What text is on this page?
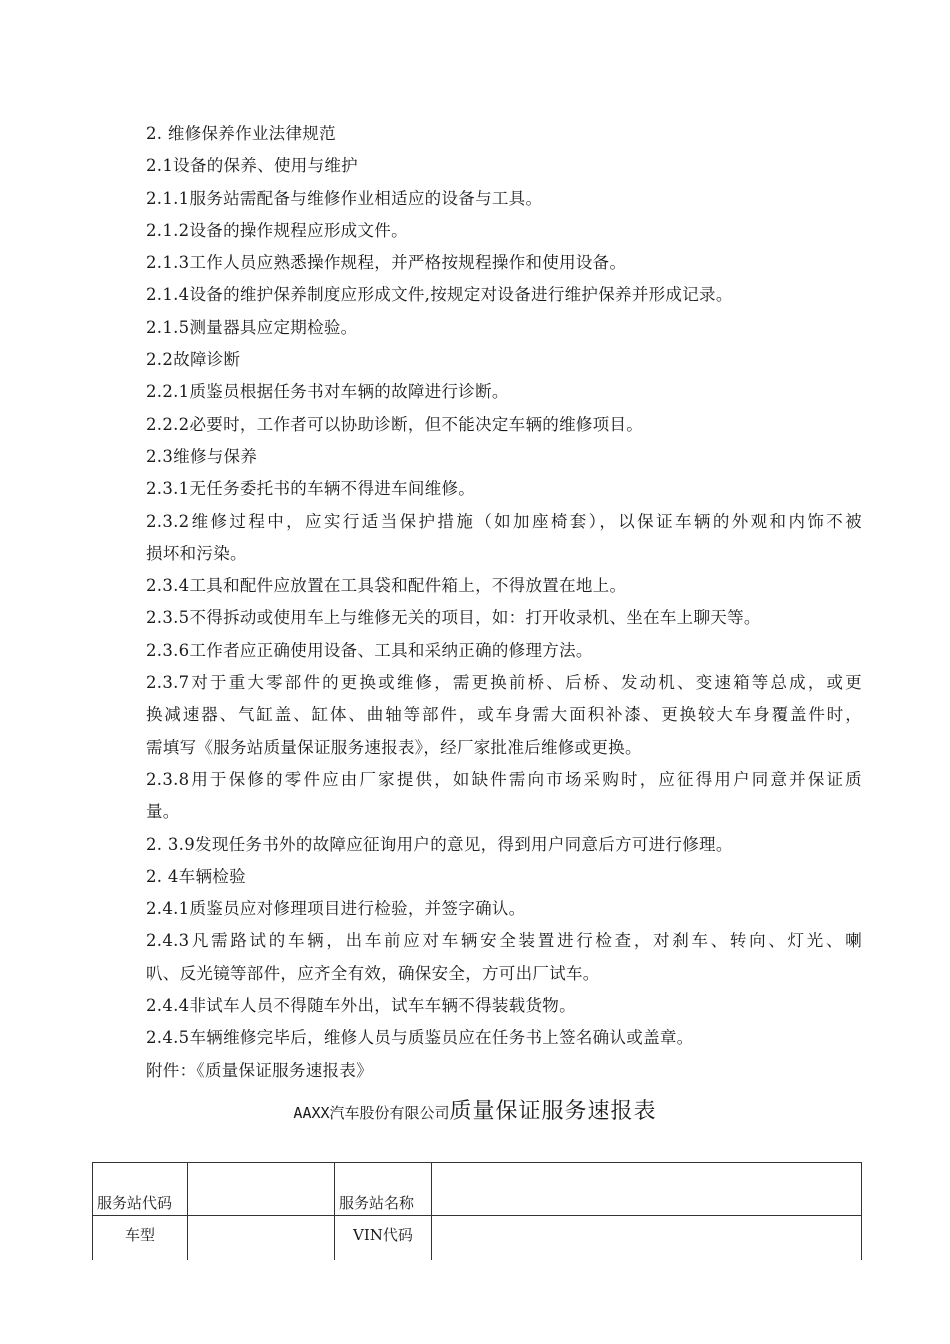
2. 维修保养作业法律规范
2.1设备的保养、使用与维护
2.1.1服务站需配备与维修作业相适应的设备与工具。
2.1.2设备的操作规程应形成文件。
2.1.3工作人员应熟悉操作规程，并严格按规程操作和使用设备。
2.1.4设备的维护保养制度应形成文件,按规定对设备进行维护保养并形成记录。
2.1.5测量器具应定期检验。
2.2故障诊断
2.2.1质鉴员根据任务书对车辆的故障进行诊断。
2.2.2必要时，工作者可以协助诊断，但不能决定车辆的维修项目。
2.3维修与保养
2.3.1无任务委托书的车辆不得进车间维修。
2.3.2维修过程中，应实行适当保护措施（如加座椅套），以保证车辆的外观和内饰不被
损坏和污染。
2.3.4工具和配件应放置在工具袋和配件箱上，不得放置在地上。
2.3.5不得拆动或使用车上与维修无关的项目，如：打开收录机、坐在车上聊天等。
2.3.6工作者应正确使用设备、工具和采纳正确的修理方法。
2.3.7对于重大零部件的更换或维修，需更换前桥、后桥、发动机、变速箱等总成，或更
换减速器、气缸盖、缸体、曲轴等部件，或车身需大面积补漆、更换较大车身覆盖件时，
需填写《服务站质量保证服务速报表》，经厂家批准后维修或更换。
2.3.8用于保修的零件应由厂家提供，如缺件需向市场采购时，应征得用户同意并保证质
量。
2. 3.9发现任务书外的故障应征询用户的意见，得到用户同意后方可进行修理。
2. 4车辆检验
2.4.1质鉴员应对修理项目进行检验，并签字确认。
2.4.3凡需路试的车辆，出车前应对车辆安全装置进行检查，对刹车、转向、灯光、喇
叭、反光镜等部件，应齐全有效，确保安全，方可出厂试车。
2.4.4非试车人员不得随车外出，试车车辆不得装载货物。
2.4.5车辆维修完毕后，维修人员与质鉴员应在任务书上签名确认或盖章。
附件：《质量保证服务速报表》
AAXX汽车股份有限公司质量保证服务速报表
服务站代码		服务站名称	
车型		VIN代码	
